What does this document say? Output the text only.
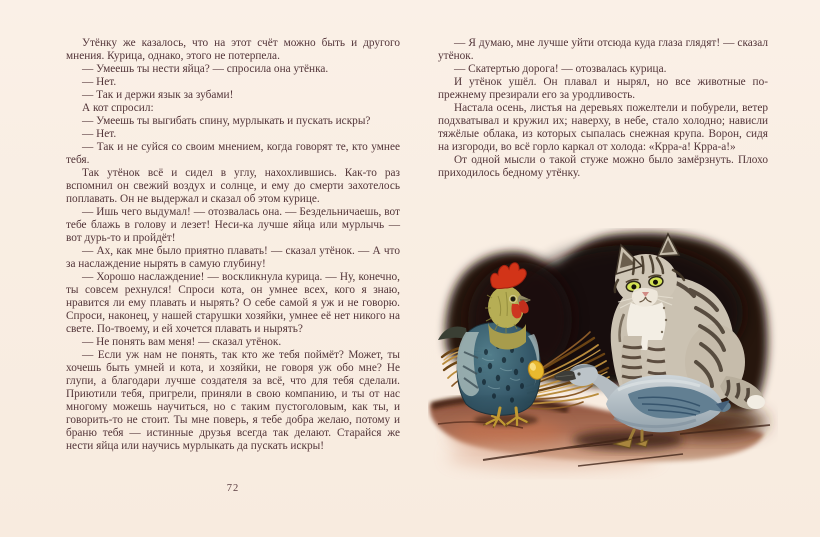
Утёнку же казалось, что на этот счёт можно быть и другого мнения. Курица, однако, этого не потерпела.

— Умеешь ты нести яйца? — спросила она утёнка.

— Нет.

— Так и держи язык за зубами!

А кот спросил:

— Умеешь ты выгибать спину, мурлыкать и пускать искры?

— Нет.

— Так и не суйся со своим мнением, когда говорят те, кто умнее тебя.

Так утёнок всё и сидел в углу, нахохлившись. Как-то раз вспомнил он свежий воздух и солнце, и ему до смерти захотелось поплавать. Он не выдержал и сказал об этом курице.

— Ишь чего выдумал! — отозвалась она. — Бездельничаешь, вот тебе блажь в голову и лезет! Неси-ка лучше яйца или мурлычь — вот дурь-то и пройдёт!

— Ах, как мне было приятно плавать! — сказал утёнок. — А что за наслаждение нырять в самую глубину!

— Хорошо наслаждение! — воскликнула курица. — Ну, конечно, ты совсем рехнулся! Спроси кота, он умнее всех, кого я знаю, нравится ли ему плавать и нырять? О себе самой я уж и не говорю. Спроси, наконец, у нашей старушки хозяйки, умнее её нет никого на свете. По-твоему, и ей хочется плавать и нырять?

— Не понять вам меня! — сказал утёнок.

— Если уж нам не понять, так кто же тебя поймёт? Может, ты хочешь быть умней и кота, и хозяйки, не говоря уж обо мне? Не глупи, а благодари лучше создателя за всё, что для тебя сделали. Приютили тебя, пригрели, приняли в свою компанию, и ты от нас многому можешь научиться, но с таким пустоголовым, как ты, и говорить-то не стоит. Ты мне поверь, я тебе добра желаю, потому и браню тебя — истинные друзья всегда так делают. Старайся же нести яйца или научись мурлыкать да пускать искры!

72

— Я думаю, мне лучше уйти отсюда куда глаза глядят! — сказал утёнок.

— Скатертью дорога! — отозвалась курица.

И утёнок ушёл. Он плавал и нырял, но все животные по-прежнему презирали его за уродливость.

Настала осень, листья на деревьях пожелтели и побурели, ветер подхватывал и кружил их; наверху, в небе, стало холодно; нависли тяжёлые облака, из которых сыпалась снежная крупа. Ворон, сидя на изгороди, во всё горло каркал от холода: «Крра-а! Крра-а!»

От одной мысли о такой стуже можно было замёрзнуть. Плохо приходилось бедному утёнку.
